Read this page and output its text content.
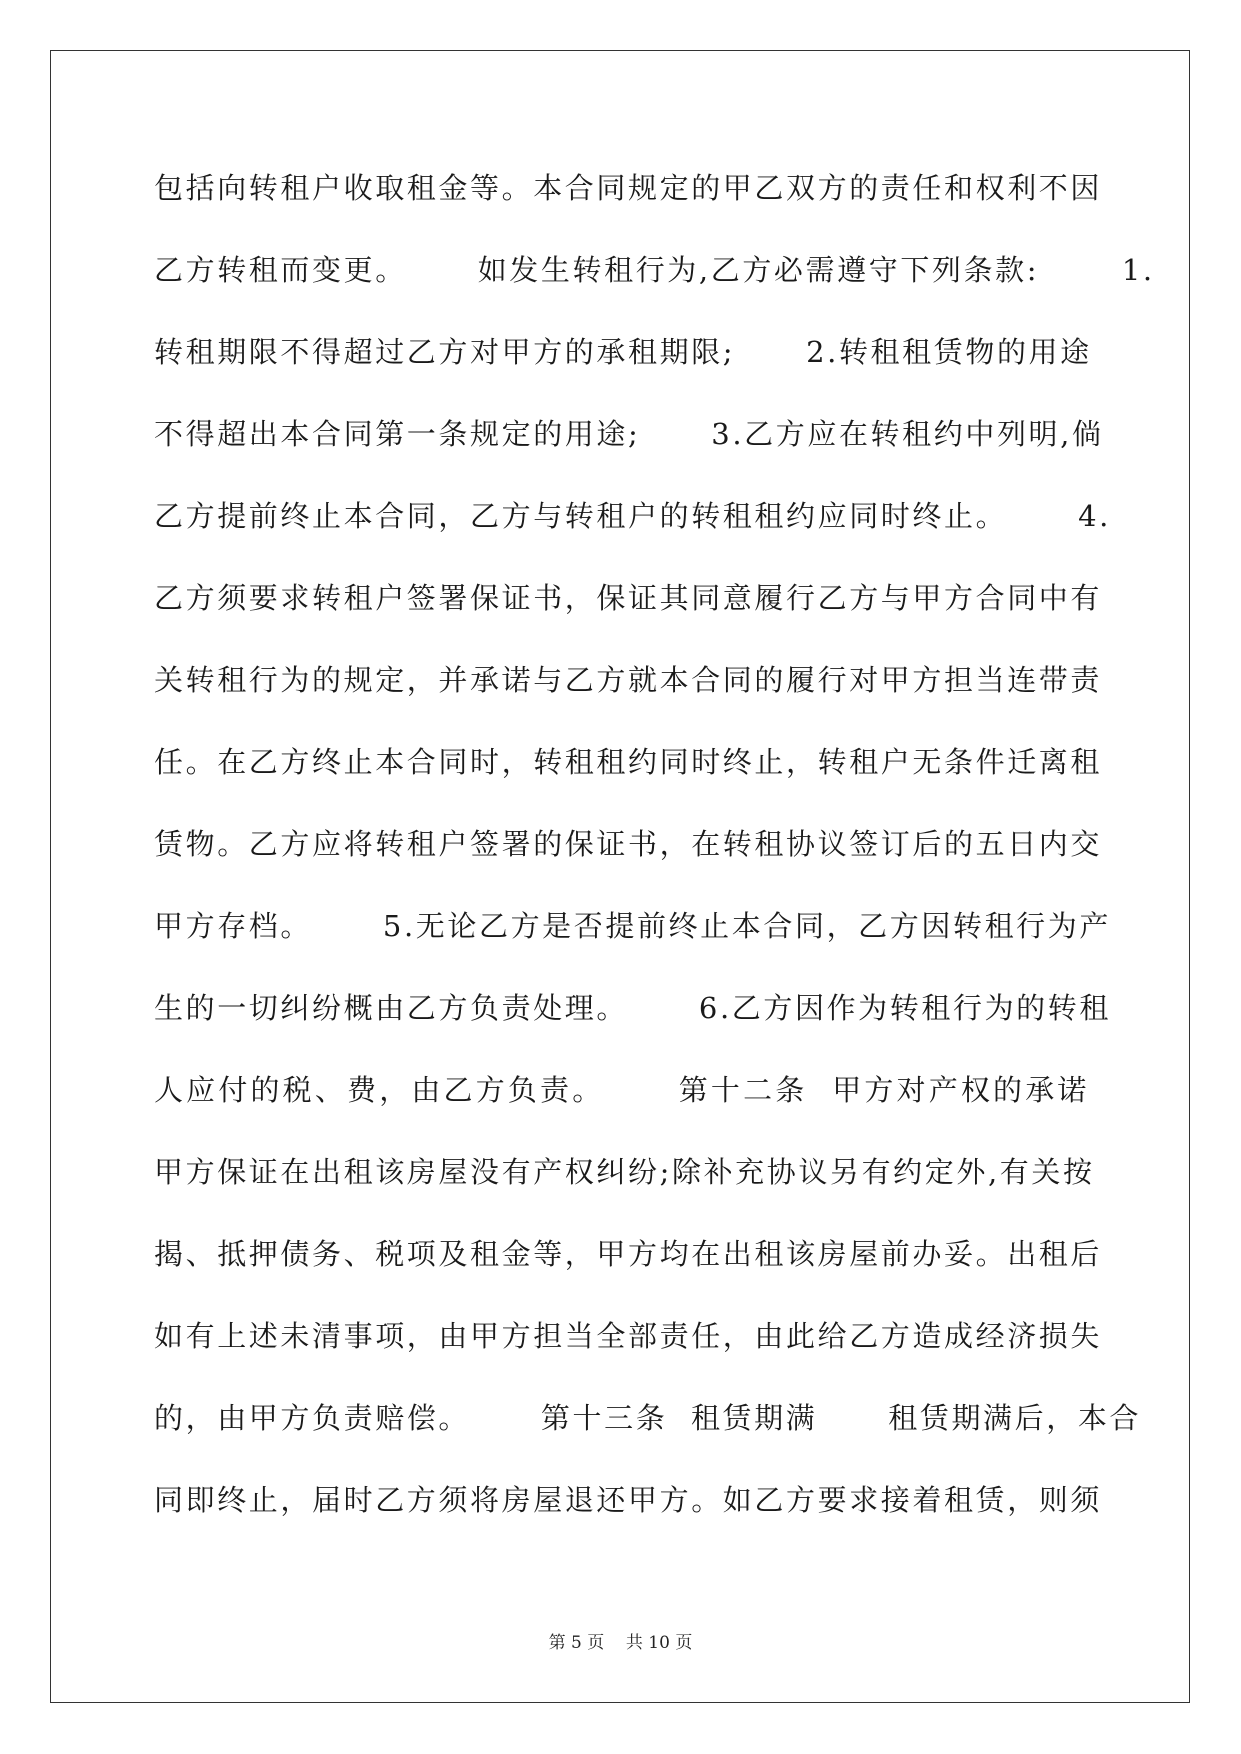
包括向转租户收取租金等。本合同规定的甲乙双方的责任和权利不因
乙方转租而变更。      如发生转租行为,乙方必需遵守下列条款:       1.
转租期限不得超过乙方对甲方的承租期限;      2.转租租赁物的用途
不得超出本合同第一条规定的用途;      3.乙方应在转租约中列明,倘
乙方提前终止本合同，乙方与转租户的转租租约应同时终止。      4.
乙方须要求转租户签署保证书，保证其同意履行乙方与甲方合同中有
关转租行为的规定，并承诺与乙方就本合同的履行对甲方担当连带责
任。在乙方终止本合同时，转租租约同时终止，转租户无条件迁离租
赁物。乙方应将转租户签署的保证书，在转租协议签订后的五日内交
甲方存档。      5.无论乙方是否提前终止本合同，乙方因转租行为产
生的一切纠纷概由乙方负责处理。      6.乙方因作为转租行为的转租
人应付的税、费，由乙方负责。      第十二条  甲方对产权的承诺
甲方保证在出租该房屋没有产权纠纷;除补充协议另有约定外,有关按
揭、抵押债务、税项及租金等，甲方均在出租该房屋前办妥。出租后
如有上述未清事项，由甲方担当全部责任，由此给乙方造成经济损失
的，由甲方负责赔偿。      第十三条  租赁期满      租赁期满后，本合
同即终止，届时乙方须将房屋退还甲方。如乙方要求接着租赁，则须
第 5 页    共 10 页
